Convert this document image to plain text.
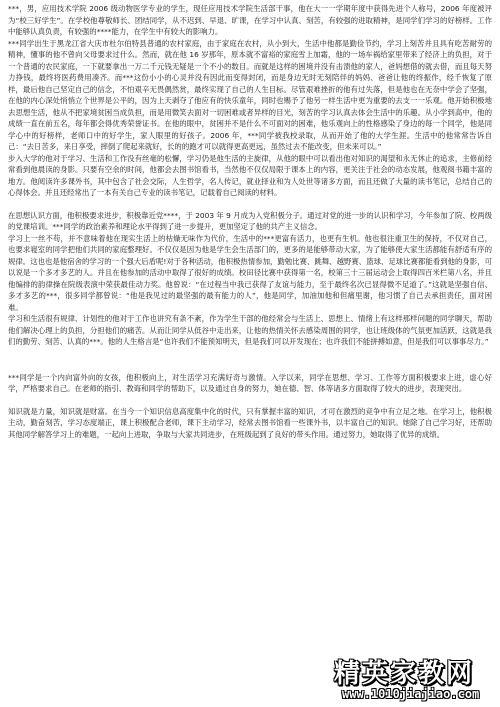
***，男，应用技术学院 2006 级动物医学专业的学生，现任应用技术学院生活部干事，他在大一一学期年度中获得先进个人称号，2006 年度被评为“校三好学生”。在学校他尊敬师长、团结同学，从不迟到、早退、旷课，在学习中认真、刻苦，有较强的进取精神，是同学们学习的好榜样。工作中能够认真负责，有较强的****能力，在学生中有较大的影响力。

***同学出生于黑龙江省大庆市杜尔伯特县普通的农村家庭，由于家庭在农村，从小到大，生活中他都是勤俭节约，学习上刻苦并且具有吃苦耐劳的精神，懂事的他不曾向父母要求过什么。然而，就在他 16 岁那年，原本就不富裕的家庭雪上加霜，他的一场车祸给家里带来了经济上的负担，对于一个普通的农民家庭，一下就要拿出一万二千元钱无疑是一个不小的数目。而就是这样的困境并没有击溃他的家人，爸妈想借的就去借，而且每天努力挣钱，最终将医药费用凑齐。而***这份小小的心灵并没有因此而变得封闭，而是身边无时无刻陪伴的妈妈、爸爸让他的终振作，经千恢复了原样，最后他自己坚定自己的信念，不怕艰辛无畏偶然赏，最终实现了自己的人生目标。尽管艰难挫折的他有过失落，但是他也在无奈中学会了坚强，在他的内心深处悄悄立个世界是公平的，因为上天剥夺了他应有的快乐童年，同时也赐予了他另一样生活中更为重要的去支一一乐观。他开始积极地去思想生活，他从不把家境贫困当成负担，而是用微笑去面对一切困难或者异样的目光，刻苦的学习认真去体会生活中的乐趣。从小学到高中，他的成绩一直在前五名，每年都会得优秀荣誉证书。在他的眼中，贫困并不是什么不可面对的困难，他乐观向上的性格感染了身边的每一个同学，他是同学心中的好榜样，老师口中的好学生，家人眼里的好孩子。2006 年，***同学被我校录取，从而开始了他的大学生涯。生活中的他常常告诉自己：“去日苦多，来日享受，摔倒了爬起来就好，长的的跑才可以就得更高更远，虽然过去不能改变，但未来可以。”

步入大学的他对于学习、生活和工作没有丝毫的松懈，学习仍是他生活的主旋律，从他的眼中可以看出他对知识的渴望和永无休止的追求，主修前经常看到他晨读的身影。只要有空余的时间，他都会去图书馆看书，当然他不仅仅局限于课本上的内容，更关注于社会的动态发展，他观阅书籍丰富的地方。他阅读许多课外书，其中包含了社会交际，人生哲学，名人传记，就业择业和为人处世等诸多方面，而且还做了大量的读书笔记，总结自己的心得体会。并且还经常出了一本有关自己专业的读书笔记，记载着自己阅读的材料。

在思想认识方面，他积极要求进步，积极靠近党****，于 2003 年 9 月成为入党积极分子。通过对党的进一步的认识和学习，今年参加了院、校两级的党课培训。***同学的政治素养和理论水平得到了进一步提升，更加坚定了他的共产主义信念。

学习上一丝不苟，并不意味着他在现实生活上的枯燥无味作为代价，生活中的***更富有活力，也更有生机。他也很注重卫生的保持，不仅对自己，也要求寝室的同学把他们共同的家庭整理好。不仅仅是因为他是学生会生活部门的，更多的是能够带动大家，为了能够使大家生活都能有舒适有序的规律。这也也是他宿舍的学习的一个强大后盾呢!对于各种活动，他积极热情参加，勤勉比赛、跳舞、越野赛、篮球、足球比赛都能看到他的身影，可以说是一个多才多艺的人。并且在他参加的活动中取得了很好的成绩。校田径比赛中获得第一名，校第三十三届运动会上取得四百米栏第八名，并且他编排的韵律操在院级表演中荣获最佳动力奖。他曾说：“在过程当中我已获得了友谊与能力，至于最终名次已显得微不足道了。”这就是坚强自信、多才多艺的***，很多同学都曾说：“他是我见过的最坚强的最有能力的人”，他是同学，加油加他和但痛里谢，他习惯了自己去承担责任，面对困难。

学习和生活很有规律、计划性的他对于工作也讲究有条不紊，作为学生干部的他经常会与生活上、思想上、情绪上有这样那样问题的同学聊天，帮助他们解决心理上的负担，分担他们的痛苦。从而让同学从低谷中走出来，让他的热情关怀去感染周围的同学，也让班级体的气氛更加活跃，这就是我们的勤劳、刻苦、认真的***。他的人生格言是“也许我们不能预知明天，但是我们可以开发现在；也许我们不能拼搏如意，但是我们可以事事尽力。”

***同学是一个内向富外向的女孩，他积极向上，对生活学习充满好奇与激情。入学以来，同学在思想、学习、工作等方面积极要求上进，虚心好学，严格要求自己。在老师的指引、教诲和同学的帮助下，以及通过自身的努力，她在德、智、体等诸多方面取得了较大的进步，表现突出。

知识就是力量，知识就是财富。在当今一个知识信息高度集中化的时代，只有掌握丰富的知识，才可在激烈的竞争中有立足之地。在学习上，他积极主动，勤奋刻苦，学习态度端正，课上积极配合老师，课下主动学习，经常去图书馆看一些课外书，以丰富自己的知识。她除了自己学习好，还帮助其他同学解答学习上的难题，一起向上进取，争取与大家共同进步，在班级起到了良好的带头作用。通过努力，她取得了优异的成绩。

精英家教网
www.1010jiajiao.com
